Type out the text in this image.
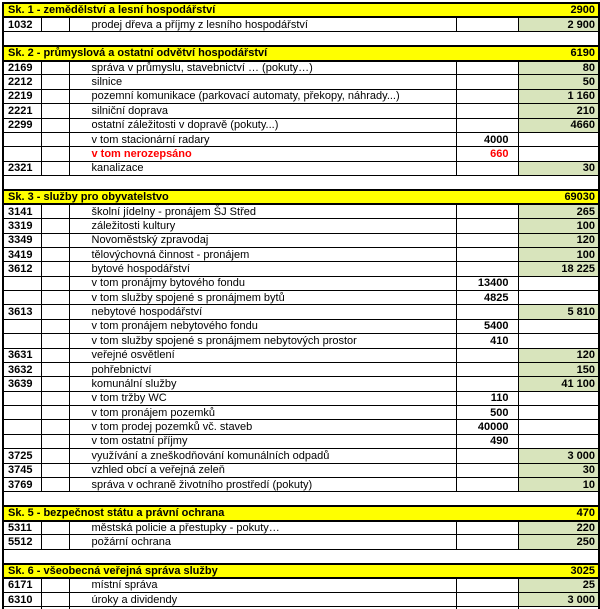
Sk. 1 - zemědělství a lesní hospodářství 2900				

1032		prodej dřeva a příjmy z lesního hospodářství		2 900

Sk. 2 - průmyslová a ostatní odvětví hospodářství 6190				

2169		správa v průmyslu, stavebnictví … (pokuty…)		80
2212		silnice		50
2219		pozemní komunikace (parkovací automaty, překopy, náhrady...)		1 160
2221		silniční doprava		210
2299		ostatní záležitosti v dopravě (pokuty...)		4660
		v tom stacionární radary	4000	
		v tom nerozepsáno	660	
2321		kanalizace		30

Sk. 3 - služby pro obyvatelstvo 69030				

3141		školní jídelny - pronájem ŠJ Střed		265
3319		záležitosti kultury		100
3349		Novoměstský zpravodaj		120
3419		tělovýchovná činnost - pronájem		100
3612		bytové hospodářství		18 225
		v tom pronájmy bytového fondu	13400	
		v tom služby spojené s pronájmem bytů	4825	
3613		nebytové hospodářství		5 810
		v tom pronájem nebytového fondu	5400	
		v tom služby spojené s pronájmem nebytových prostor	410	
3631		veřejné osvětlení		120
3632		pohřebnictví		150
3639		komunální služby		41 100
		v tom tržby WC	110	
		v tom pronájem pozemků	500	
		v tom prodej pozemků vč. staveb	40000	
		v tom ostatní příjmy	490	
3725		využívání a zneškodňování komunálních odpadů		3 000
3745		vzhled obcí a veřejná zeleň		30
3769		správa v ochraně životního prostředí (pokuty)		10

Sk. 5 - bezpečnost státu a právní ochrana 470				

5311		městská policie a přestupky - pokuty…		220
5512		požární ochrana		250

Sk. 6 - všeobecná veřejná správa služby 3025				

6171		místní správa		25
6310		úroky a dividendy		3 000
